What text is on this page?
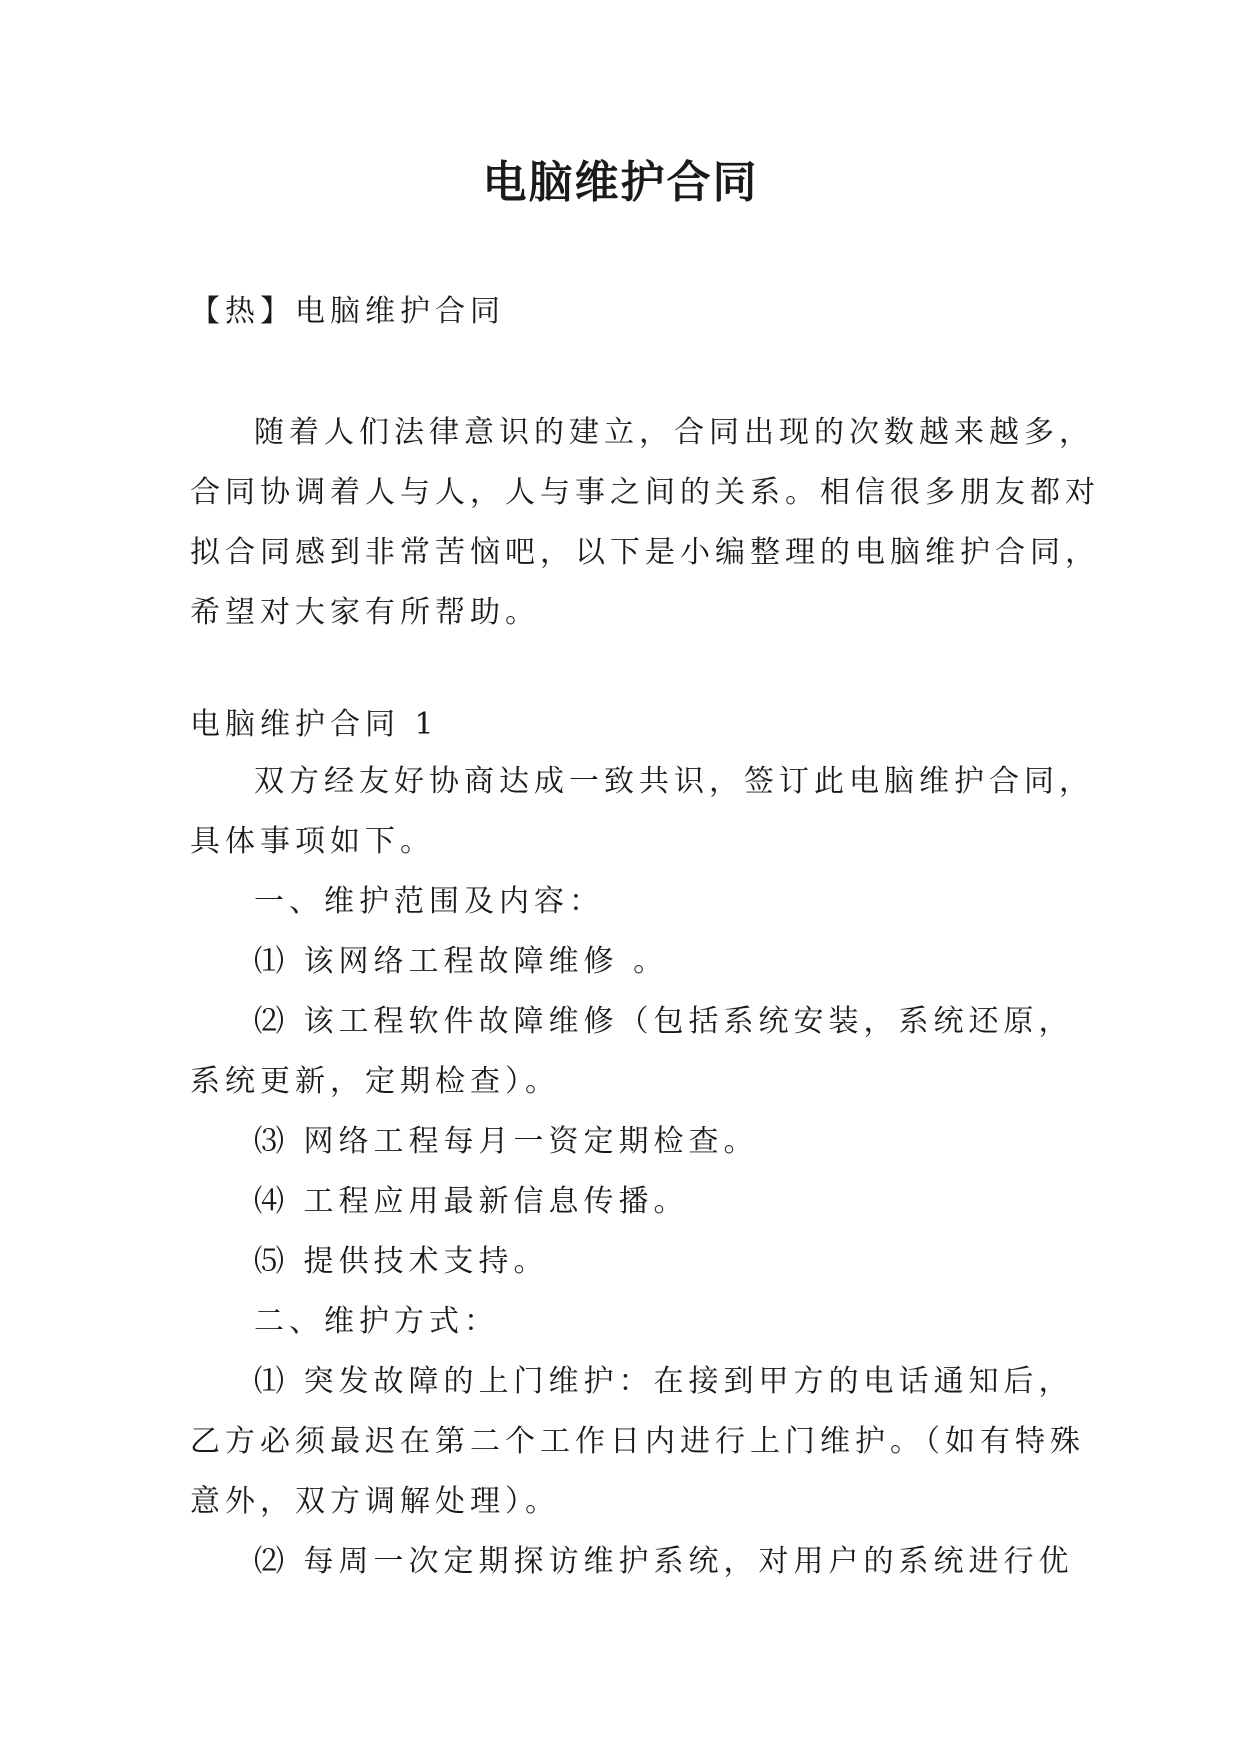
电脑维护合同

【热】电脑维护合同

随着人们法律意识的建立，合同出现的次数越来越多，
合同协调着人与人，人与事之间的关系。相信很多朋友都对
拟合同感到非常苦恼吧，以下是小编整理的电脑维护合同，
希望对大家有所帮助。

电脑维护合同 1

双方经友好协商达成一致共识，签订此电脑维护合同，
具体事项如下。
一、维护范围及内容：
⑴ 该网络工程故障维修 。
⑵ 该工程软件故障维修（包括系统安装，系统还原，
系统更新，定期检查）。
⑶ 网络工程每月一资定期检查。
⑷ 工程应用最新信息传播。
⑸ 提供技术支持。
二、维护方式：
⑴ 突发故障的上门维护：在接到甲方的电话通知后，
乙方必须最迟在第二个工作日内进行上门维护。（如有特殊
意外，双方调解处理）。
⑵ 每周一次定期探访维护系统，对用户的系统进行优
